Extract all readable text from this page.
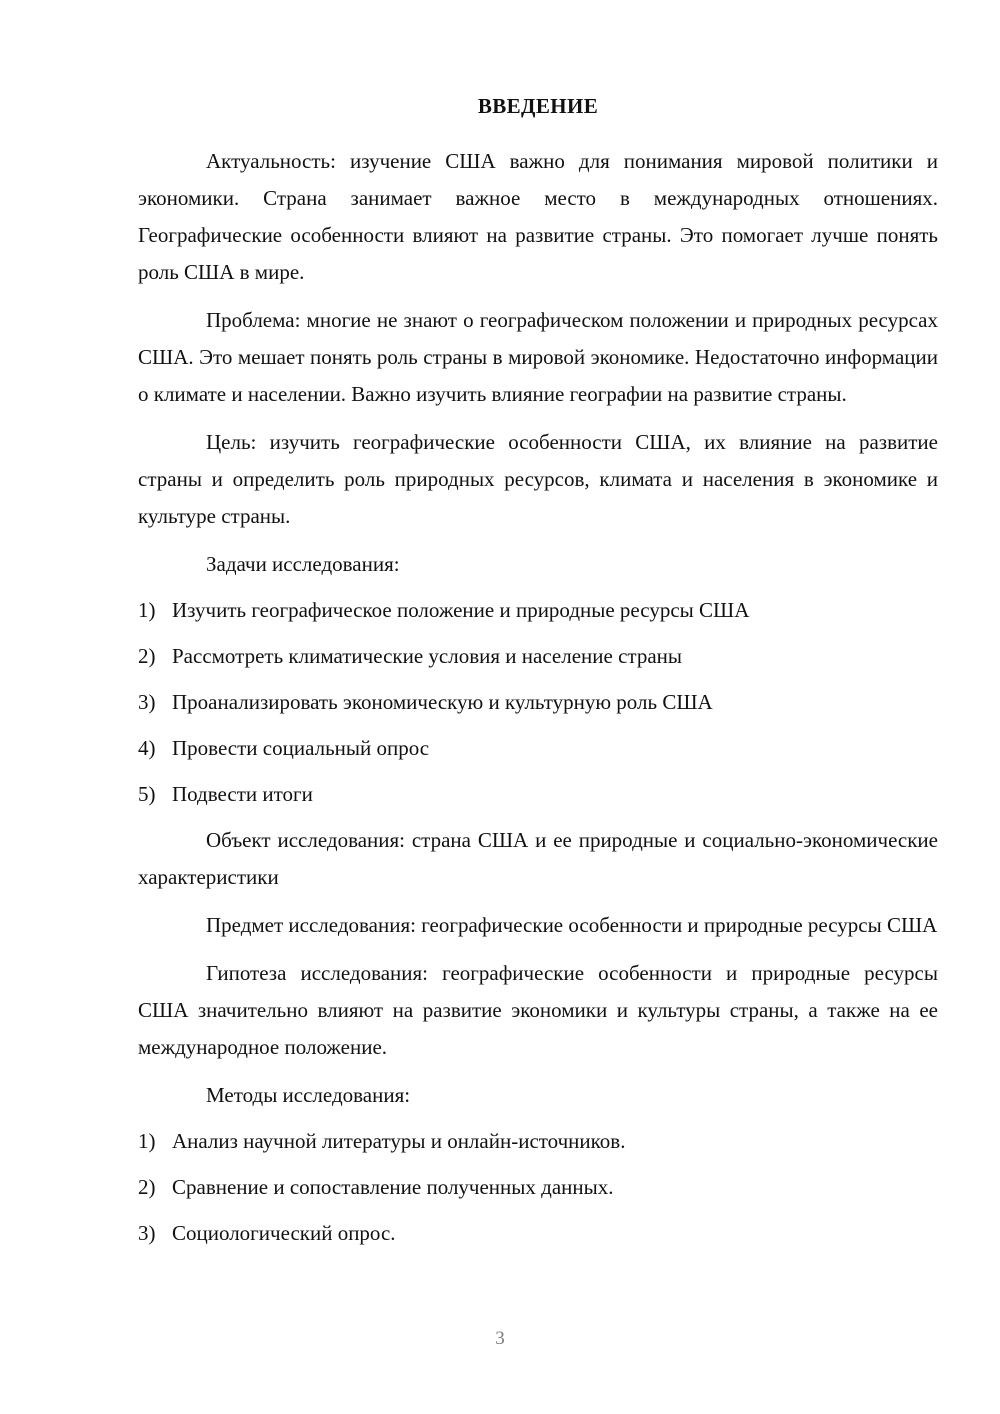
ВВЕДЕНИЕ

Актуальность: изучение США важно для понимания мировой политики и экономики. Страна занимает важное место в международных отношениях. Географические особенности влияют на развитие страны. Это помогает лучше понять роль США в мире.

Проблема: многие не знают о географическом положении и природных ресурсах США. Это мешает понять роль страны в мировой экономике. Недостаточно информации о климате и населении. Важно изучить влияние географии на развитие страны.

Цель: изучить географические особенности США, их влияние на развитие страны и определить роль природных ресурсов, климата и населения в экономике и культуре страны.

Задачи исследования:

1) Изучить географическое положение и природные ресурсы США
2) Рассмотреть климатические условия и население страны
3) Проанализировать экономическую и культурную роль США
4) Провести социальный опрос
5) Подвести итоги

Объект исследования: страна США и ее природные и социально-экономические характеристики

Предмет исследования: географические особенности и природные ресурсы США

Гипотеза исследования: географические особенности и природные ресурсы США значительно влияют на развитие экономики и культуры страны, а также на ее международное положение.

Методы исследования:

1) Анализ научной литературы и онлайн-источников.
2) Сравнение и сопоставление полученных данных.
3) Социологический опрос.
3
